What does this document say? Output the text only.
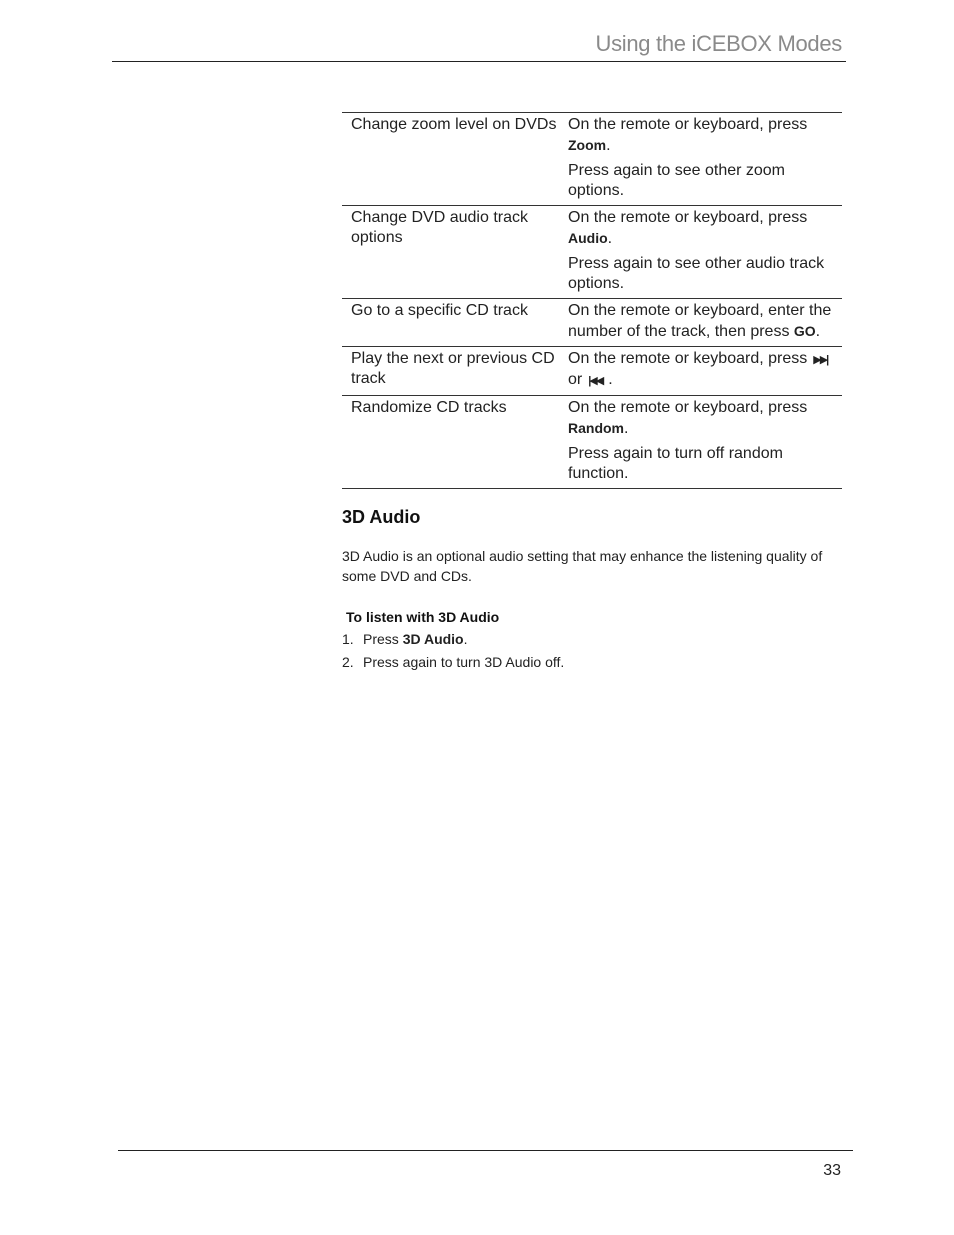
Using the iCEBOX Modes
Change zoom level on DVDs	On the remote or keyboard, press Zoom.

Press again to see other zoom options.

Change DVD audio track options	On the remote or keyboard, press Audio.

Press again to see other audio track options.

Go to a specific CD track	On the remote or keyboard, enter the number of the track, then press GO.

Play the next or previous CD track	On the remote or keyboard, press ▶▶|or |◀◀ .

Randomize CD tracks	On the remote or keyboard, press Random.

Press again to turn off random function.

3D Audio

3D Audio is an optional audio setting that may enhance the listening quality of some DVD and CDs.

To listen with 3D Audio
1. Press 3D Audio.
2. Press again to turn 3D Audio off.
33
